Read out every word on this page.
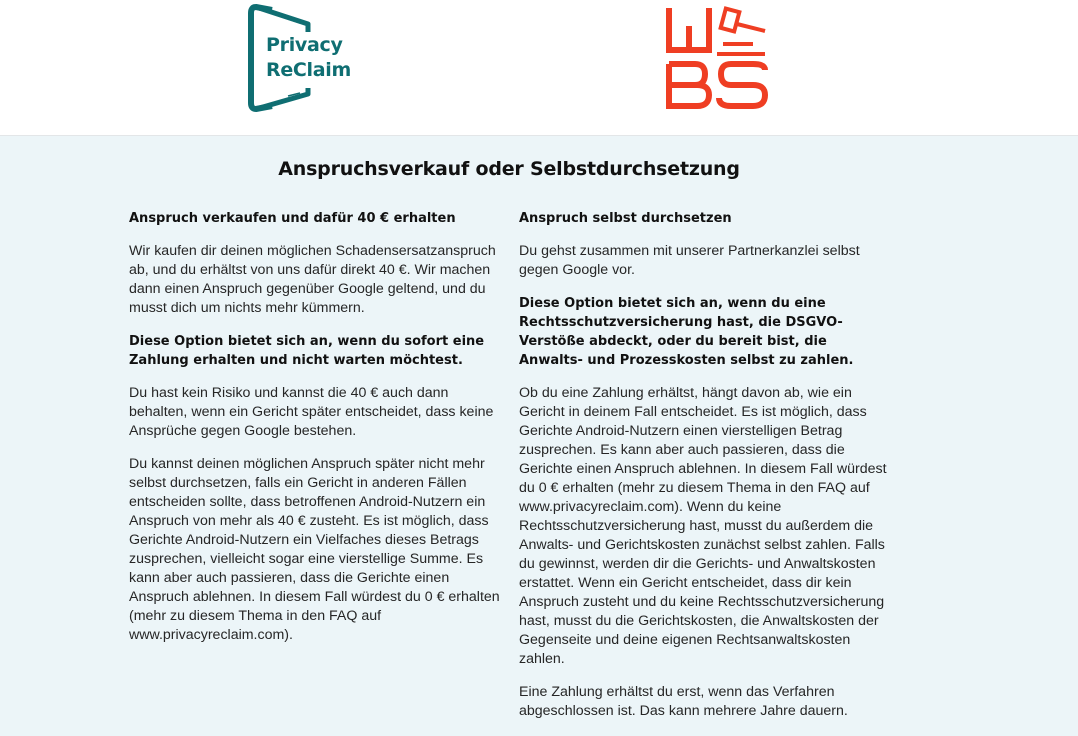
Privacy
ReClaim
Anspruchsverkauf oder Selbstdurchsetzung
Anspruch verkaufen und dafür 40 € erhalten

Wir kaufen dir deinen möglichen Schadensersatzanspruch ab, und du erhältst von uns dafür direkt 40 €. Wir machen dann einen Anspruch gegenüber Google geltend, und du musst dich um nichts mehr kümmern.

Diese Option bietet sich an, wenn du sofort eine Zahlung erhalten und nicht warten möchtest.

Du hast kein Risiko und kannst die 40 € auch dann behalten, wenn ein Gericht später entscheidet, dass keine Ansprüche gegen Google bestehen.

Du kannst deinen möglichen Anspruch später nicht mehr selbst durchsetzen, falls ein Gericht in anderen Fällen entscheiden sollte, dass betroffenen Android-Nutzern ein Anspruch von mehr als 40 € zusteht. Es ist möglich, dass Gerichte Android-Nutzern ein Vielfaches dieses Betrags zusprechen, vielleicht sogar eine vierstellige Summe. Es kann aber auch passieren, dass die Gerichte einen Anspruch ablehnen. In diesem Fall würdest du 0 € erhalten (mehr zu diesem Thema in den FAQ auf www.privacyreclaim.com).

Anspruch selbst durchsetzen

Du gehst zusammen mit unserer Partnerkanzlei selbst gegen Google vor.

Diese Option bietet sich an, wenn du eine Rechtsschutzversicherung hast, die DSGVO-Verstöße abdeckt, oder du bereit bist, die Anwalts- und Prozesskosten selbst zu zahlen.

Ob du eine Zahlung erhältst, hängt davon ab, wie ein Gericht in deinem Fall entscheidet. Es ist möglich, dass Gerichte Android-Nutzern einen vierstelligen Betrag zusprechen. Es kann aber auch passieren, dass die Gerichte einen Anspruch ablehnen. In diesem Fall würdest du 0 € erhalten (mehr zu diesem Thema in den FAQ auf www.privacyreclaim.com). Wenn du keine Rechtsschutzversicherung hast, musst du außerdem die Anwalts- und Gerichtskosten zunächst selbst zahlen. Falls du gewinnst, werden dir die Gerichts- und Anwaltskosten erstattet. Wenn ein Gericht entscheidet, dass dir kein Anspruch zusteht und du keine Rechtsschutzversicherung hast, musst du die Gerichtskosten, die Anwaltskosten der Gegenseite und deine eigenen Rechtsanwaltskosten zahlen.

Eine Zahlung erhältst du erst, wenn das Verfahren abgeschlossen ist. Das kann mehrere Jahre dauern.
